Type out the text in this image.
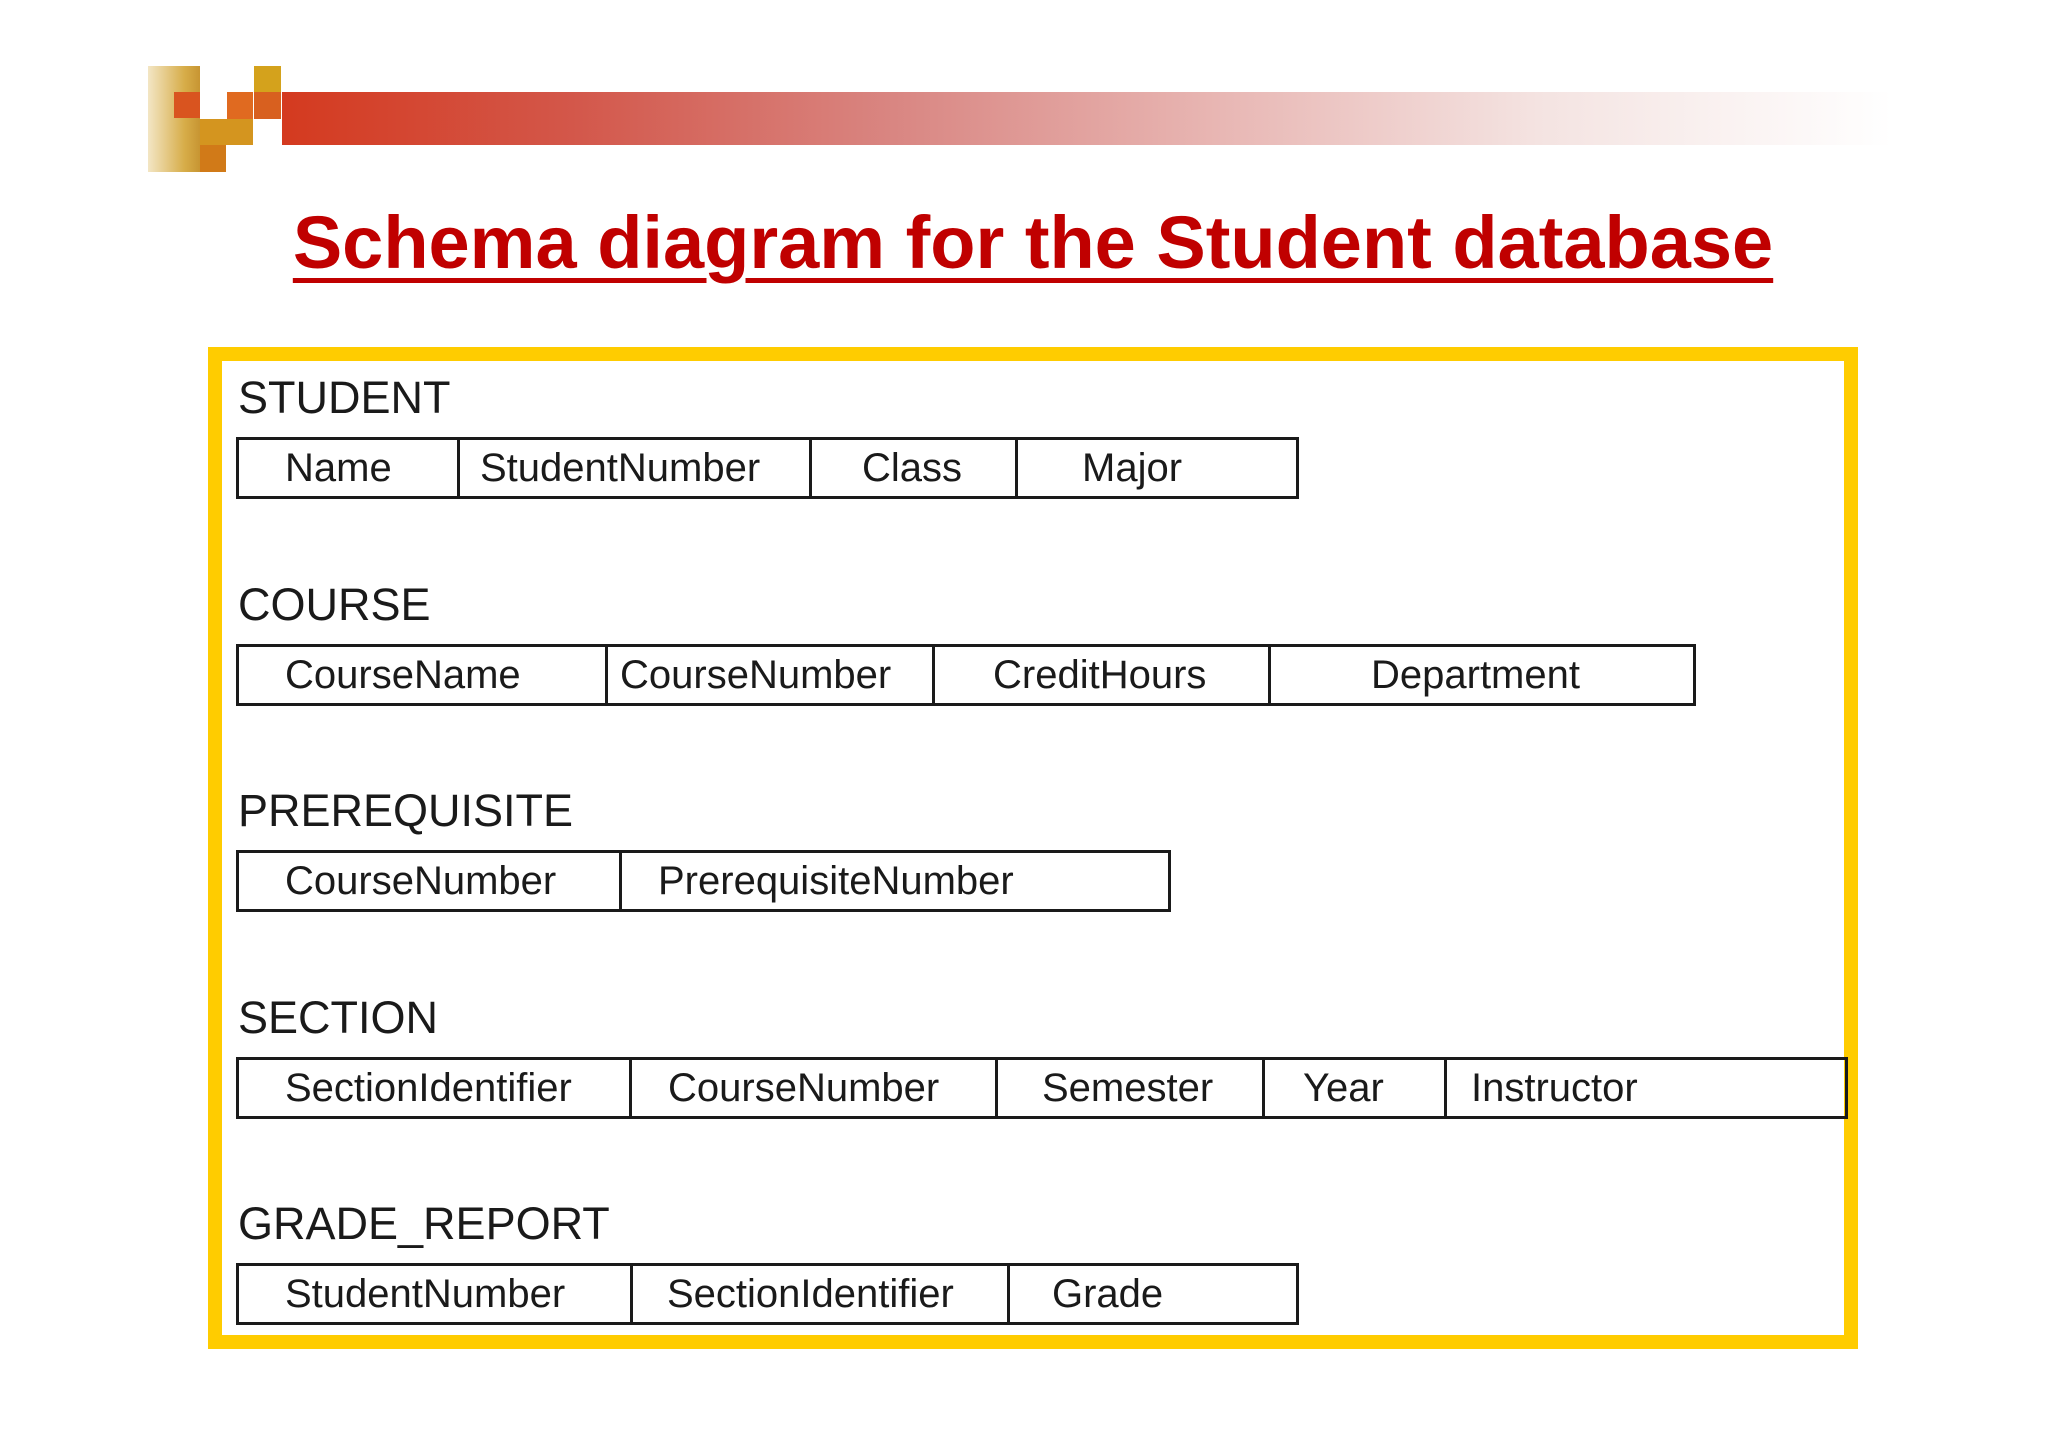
Schema diagram for the Student database
STUDENT
Name	StudentNumber	Class	Major
COURSE
CourseName	CourseNumber	CreditHours	Department
PREREQUISITE
CourseNumber	PrerequisiteNumber
SECTION
SectionIdentifier	CourseNumber	Semester	Year	Instructor
GRADE_REPORT
StudentNumber	SectionIdentifier	Grade
